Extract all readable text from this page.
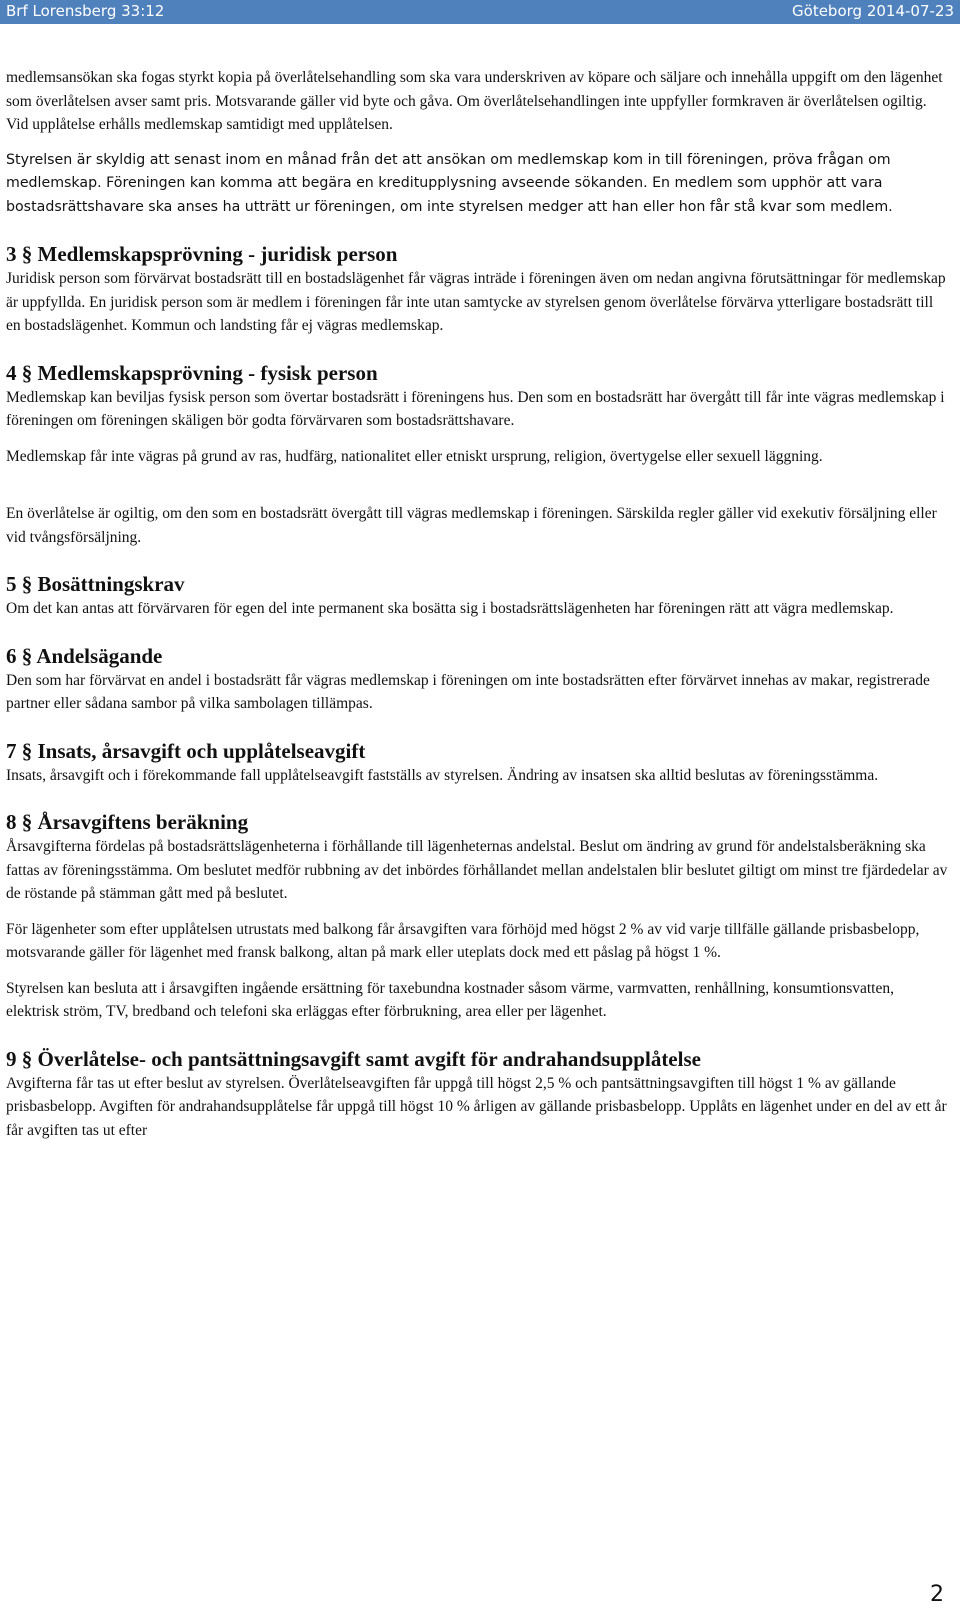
Brf Lorensberg 33:12	Göteborg 2014-07-23

medlemsansökan ska fogas styrkt kopia på överlåtelsehandling som ska vara underskriven av köpare och säljare och innehålla uppgift om den lägenhet som överlåtelsen avser samt pris. Motsvarande gäller vid byte och gåva. Om överlåtelsehandlingen inte uppfyller formkraven är överlåtelsen ogiltig. Vid upplåtelse erhålls medlemskap samtidigt med upplåtelsen.

Styrelsen är skyldig att senast inom en månad från det att ansökan om medlemskap kom in till föreningen, pröva frågan om medlemskap. Föreningen kan komma att begära en kreditupplysning avseende sökanden. En medlem som upphör att vara bostadsrättshavare ska anses ha utträtt ur föreningen, om inte styrelsen medger att han eller hon får stå kvar som medlem.

3 § Medlemskapsprövning - juridisk person

Juridisk person som förvärvat bostadsrätt till en bostadslägenhet får vägras inträde i föreningen även om nedan angivna förutsättningar för medlemskap är uppfyllda. En juridisk person som är medlem i föreningen får inte utan samtycke av styrelsen genom överlåtelse förvärva ytterligare bostadsrätt till en bostadslägenhet. Kommun och landsting får ej vägras medlemskap.

4 § Medlemskapsprövning - fysisk person

Medlemskap kan beviljas fysisk person som övertar bostadsrätt i föreningens hus. Den som en bostadsrätt har övergått till får inte vägras medlemskap i föreningen om föreningen skäligen bör godta förvärvaren som bostadsrättshavare.

Medlemskap får inte vägras på grund av ras, hudfärg, nationalitet eller etniskt ursprung, religion, övertygelse eller sexuell läggning.

En överlåtelse är ogiltig, om den som en bostadsrätt övergått till vägras medlemskap i föreningen. Särskilda regler gäller vid exekutiv försäljning eller vid tvångsförsäljning.

5 § Bosättningskrav

Om det kan antas att förvärvaren för egen del inte permanent ska bosätta sig i bostadsrättslägenheten har föreningen rätt att vägra medlemskap.

6 § Andelsägande

Den som har förvärvat en andel i bostadsrätt får vägras medlemskap i föreningen om inte bostadsrätten efter förvärvet innehas av makar, registrerade partner eller sådana sambor på vilka sambolagen tillämpas.

7 § Insats, årsavgift och upplåtelseavgift

Insats, årsavgift och i förekommande fall upplåtelseavgift fastställs av styrelsen. Ändring av insatsen ska alltid beslutas av föreningsstämma.

8 § Årsavgiftens beräkning

Årsavgifterna fördelas på bostadsrättslägenheterna i förhållande till lägenheternas andelstal. Beslut om ändring av grund för andelstalsberäkning ska fattas av föreningsstämma. Om beslutet medför rubbning av det inbördes förhållandet mellan andelstalen blir beslutet giltigt om minst tre fjärdedelar av de röstande på stämman gått med på beslutet.

För lägenheter som efter upplåtelsen utrustats med balkong får årsavgiften vara förhöjd med högst 2 % av vid varje tillfälle gällande prisbasbelopp, motsvarande gäller för lägenhet med fransk balkong, altan på mark eller uteplats dock med ett påslag på högst 1 %.

Styrelsen kan besluta att i årsavgiften ingående ersättning för taxebundna kostnader såsom värme, varmvatten, renhållning, konsumtionsvatten, elektrisk ström, TV, bredband och telefoni ska erläggas efter förbrukning, area eller per lägenhet.

9 § Överlåtelse- och pantsättningsavgift samt avgift för andrahandsupplåtelse

Avgifterna får tas ut efter beslut av styrelsen. Överlåtelseavgiften får uppgå till högst 2,5 % och pantsättningsavgiften till högst 1 % av gällande prisbasbelopp. Avgiften för andrahandsupplåtelse får uppgå till högst 10 % årligen av gällande prisbasbelopp. Upplåts en lägenhet under en del av ett år får avgiften tas ut efter

2
